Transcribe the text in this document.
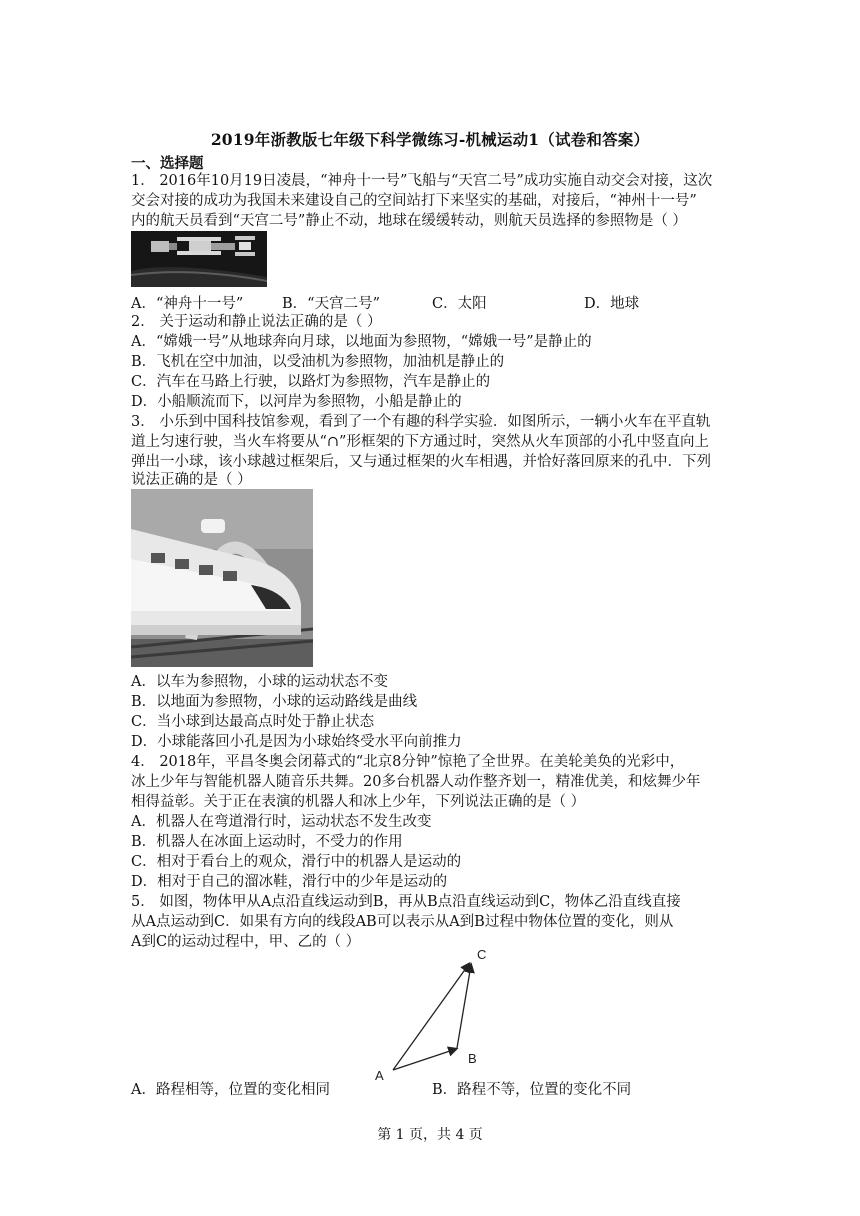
2019年浙教版七年级下科学微练习-机械运动1（试卷和答案）
一、选择题
1． 2016年10月19日凌晨，“神舟十一号”飞船与“天宫二号”成功实施自动交会对接，这次
交会对接的成功为我国未来建设自己的空间站打下来坚实的基础，对接后，“神州十一号”
内的航天员看到“天宫二号”静止不动，地球在缓缓转动，则航天员选择的参照物是（ ）
A．“神舟十一号”	B．“天宫二号”	C．太阳	D．地球
2． 关于运动和静止说法正确的是（ ）
A．“嫦娥一号”从地球奔向月球，以地面为参照物，“嫦娥一号”是静止的
B．飞机在空中加油，以受油机为参照物，加油机是静止的
C．汽车在马路上行驶，以路灯为参照物，汽车是静止的
D．小船顺流而下，以河岸为参照物，小船是静止的
3． 小乐到中国科技馆参观，看到了一个有趣的科学实验．如图所示，一辆小火车在平直轨
道上匀速行驶，当火车将要从“∩”形框架的下方通过时，突然从火车顶部的小孔中竖直向上
弹出一小球，该小球越过框架后，又与通过框架的火车相遇，并恰好落回原来的孔中．下列
说法正确的是（ ）
A．以车为参照物，小球的运动状态不变
B．以地面为参照物，小球的运动路线是曲线
C．当小球到达最高点时处于静止状态
D．小球能落回小孔是因为小球始终受水平向前推力
4． 2018年，平昌冬奥会闭幕式的“北京8分钟”惊艳了全世界。在美轮美奂的光彩中，
冰上少年与智能机器人随音乐共舞。20多台机器人动作整齐划一，精准优美，和炫舞少年
相得益彰。关于正在表演的机器人和冰上少年，下列说法正确的是（ ）
A．机器人在弯道滑行时，运动状态不发生改变
B．机器人在冰面上运动时，不受力的作用
C．相对于看台上的观众，滑行中的机器人是运动的
D．相对于自己的溜冰鞋，滑行中的少年是运动的
5． 如图，物体甲从A点沿直线运动到B，再从B点沿直线运动到C，物体乙沿直线直接
从A点运动到C．如果有方向的线段AB可以表示从A到B过程中物体位置的变化，则从
A到C的运动过程中，甲、乙的（ ）
A
B
C
A．路程相等，位置的变化相同	B．路程不等，位置的变化不同
第 1 页，共 4 页
